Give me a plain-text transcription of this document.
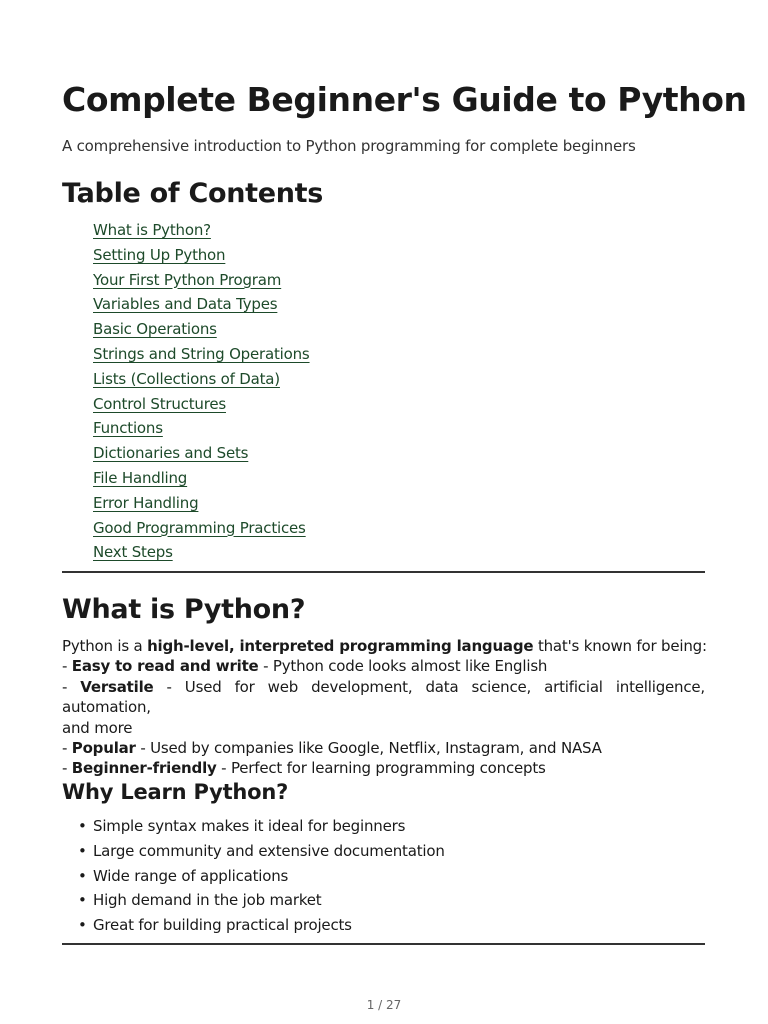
Complete Beginner's Guide to Python

A comprehensive introduction to Python programming for complete beginners

Table of Contents
What is Python?
Setting Up Python
Your First Python Program
Variables and Data Types
Basic Operations
Strings and String Operations
Lists (Collections of Data)
Control Structures
Functions
Dictionaries and Sets
File Handling
Error Handling
Good Programming Practices
Next Steps
What is Python?
Python is a high-level, interpreted programming language that's known for being:
- Easy to read and write - Python code looks almost like English
- Versatile - Used for web development, data science, artificial intelligence, automation,
and more
- Popular - Used by companies like Google, Netflix, Instagram, and NASA
- Beginner-friendly - Perfect for learning programming concepts
Why Learn Python?
• Simple syntax makes it ideal for beginners
• Large community and extensive documentation
• Wide range of applications
• High demand in the job market
• Great for building practical projects
1 / 27
